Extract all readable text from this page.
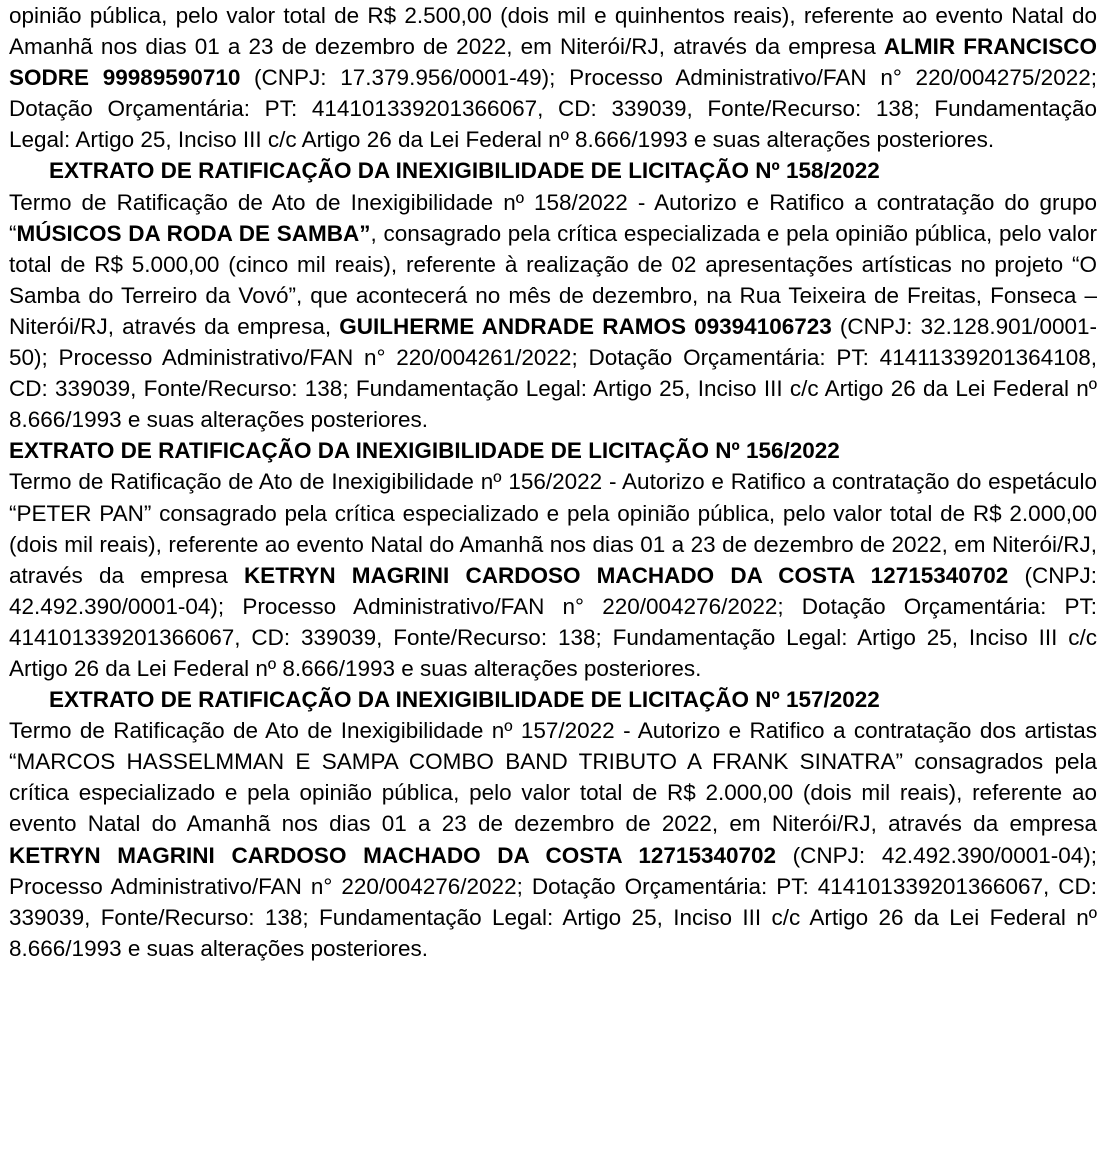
opinião pública, pelo valor total de R$ 2.500,00 (dois mil e quinhentos reais), referente ao evento Natal do Amanhã nos dias 01 a 23 de dezembro de 2022, em Niterói/RJ, através da empresa ALMIR FRANCISCO SODRE 99989590710 (CNPJ: 17.379.956/0001-49); Processo Administrativo/FAN n° 220/004275/2022; Dotação Orçamentária: PT: 414101339201366067, CD: 339039, Fonte/Recurso: 138; Fundamentação Legal: Artigo 25, Inciso III c/c Artigo 26 da Lei Federal nº 8.666/1993 e suas alterações posteriores.

EXTRATO DE RATIFICAÇÃO DA INEXIGIBILIDADE DE LICITAÇÃO Nº 158/2022

Termo de Ratificação de Ato de Inexigibilidade nº 158/2022 - Autorizo e Ratifico a contratação do grupo “MÚSICOS DA RODA DE SAMBA”, consagrado pela crítica especializada e pela opinião pública, pelo valor total de R$ 5.000,00 (cinco mil reais), referente à realização de 02 apresentações artísticas no projeto “O Samba do Terreiro da Vovó”, que acontecerá no mês de dezembro, na Rua Teixeira de Freitas, Fonseca – Niterói/RJ, através da empresa, GUILHERME ANDRADE RAMOS 09394106723 (CNPJ: 32.128.901/0001-50); Processo Administrativo/FAN n° 220/004261/2022; Dotação Orçamentária: PT: 41411339201364108, CD: 339039, Fonte/Recurso: 138; Fundamentação Legal: Artigo 25, Inciso III c/c Artigo 26 da Lei Federal nº 8.666/1993 e suas alterações posteriores.

EXTRATO DE RATIFICAÇÃO DA INEXIGIBILIDADE DE LICITAÇÃO Nº 156/2022

Termo de Ratificação de Ato de Inexigibilidade nº 156/2022 - Autorizo e Ratifico a contratação do espetáculo “PETER PAN” consagrado pela crítica especializado e pela opinião pública, pelo valor total de R$ 2.000,00 (dois mil reais), referente ao evento Natal do Amanhã nos dias 01 a 23 de dezembro de 2022, em Niterói/RJ, através da empresa KETRYN MAGRINI CARDOSO MACHADO DA COSTA 12715340702 (CNPJ: 42.492.390/0001-04); Processo Administrativo/FAN n° 220/004276/2022; Dotação Orçamentária: PT: 414101339201366067, CD: 339039, Fonte/Recurso: 138; Fundamentação Legal: Artigo 25, Inciso III c/c Artigo 26 da Lei Federal nº 8.666/1993 e suas alterações posteriores.

EXTRATO DE RATIFICAÇÃO DA INEXIGIBILIDADE DE LICITAÇÃO Nº 157/2022

Termo de Ratificação de Ato de Inexigibilidade nº 157/2022 - Autorizo e Ratifico a contratação dos artistas “MARCOS HASSELMMAN E SAMPA COMBO BAND TRIBUTO A FRANK SINATRA” consagrados pela crítica especializado e pela opinião pública, pelo valor total de R$ 2.000,00 (dois mil reais), referente ao evento Natal do Amanhã nos dias 01 a 23 de dezembro de 2022, em Niterói/RJ, através da empresa KETRYN MAGRINI CARDOSO MACHADO DA COSTA 12715340702 (CNPJ: 42.492.390/0001-04); Processo Administrativo/FAN n° 220/004276/2022; Dotação Orçamentária: PT: 414101339201366067, CD: 339039, Fonte/Recurso: 138; Fundamentação Legal: Artigo 25, Inciso III c/c Artigo 26 da Lei Federal nº 8.666/1993 e suas alterações posteriores.
